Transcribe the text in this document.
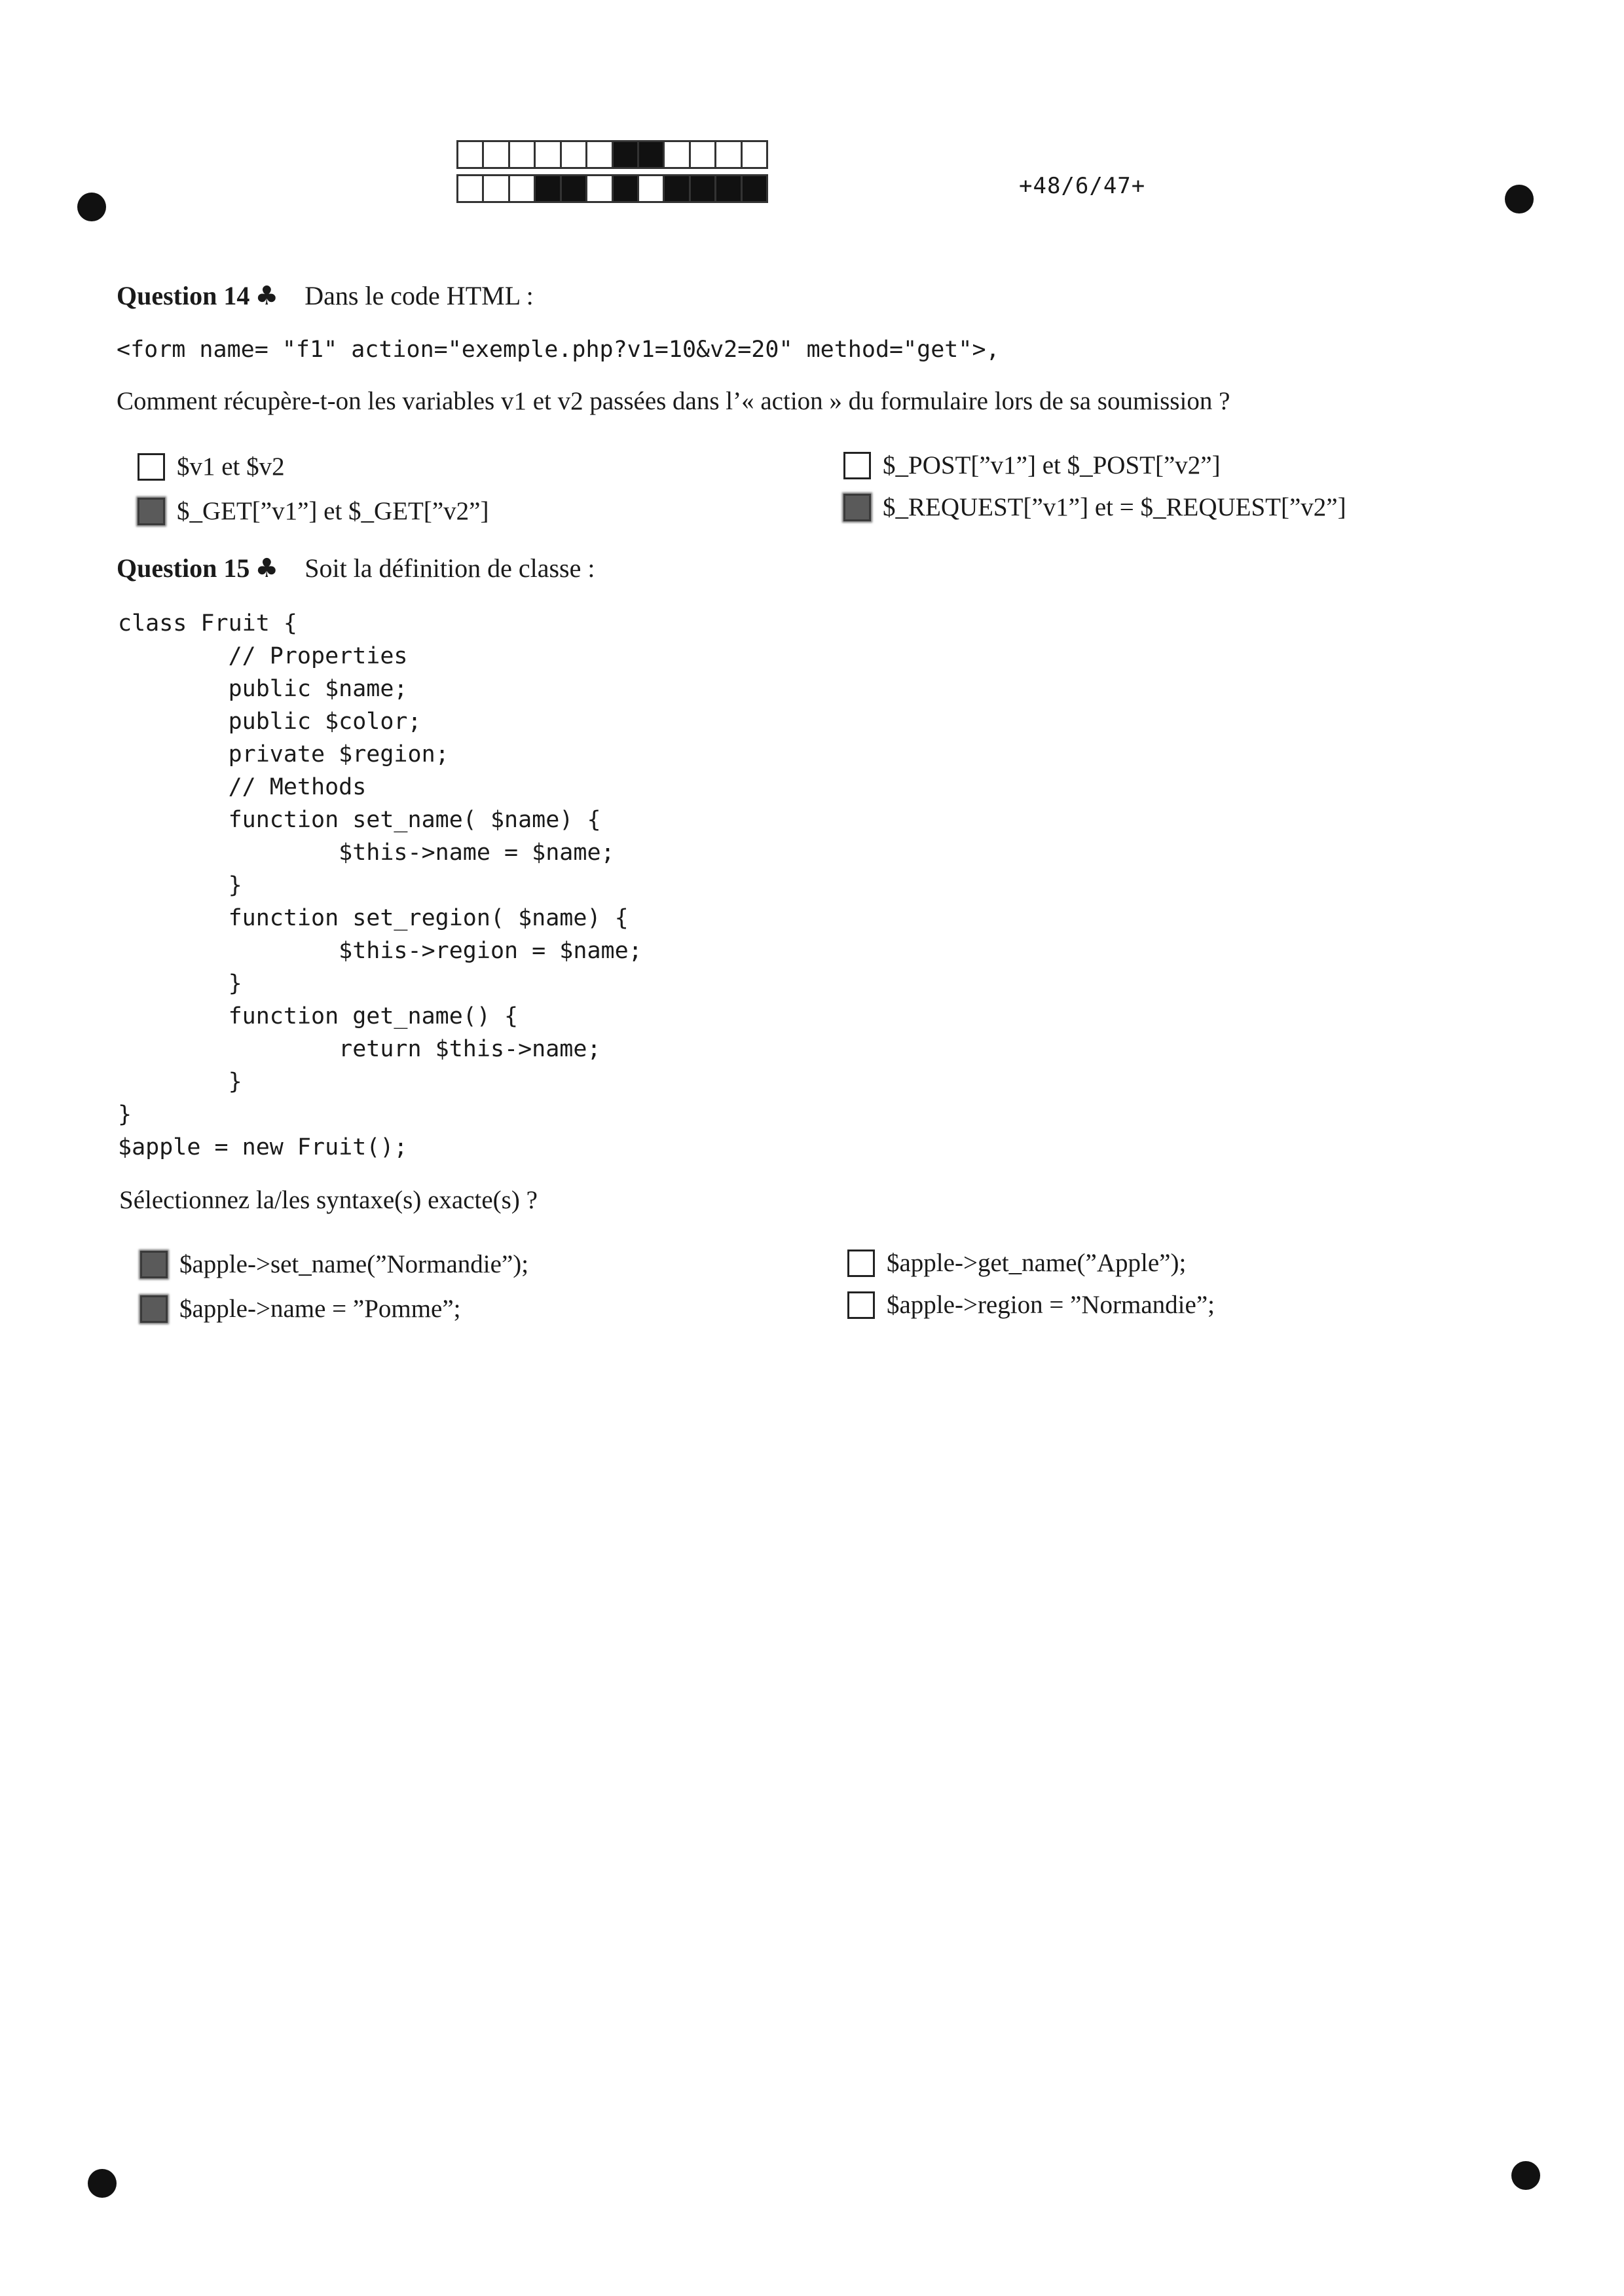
+48/6/47+
Question 14 ♣ Dans le code HTML :
<form name= "f1" action="exemple.php?v1=10&v2=20" method="get">,
Comment récupère-t-on les variables v1 et v2 passées dans l’« action » du formulaire lors de sa soumission ?
$v1 et $v2
$_GET[”v1”] et $_GET[”v2”]
$_POST[”v1”] et $_POST[”v2”]
$_REQUEST[”v1”] et = $_REQUEST[”v2”]
Question 15 ♣ Soit la définition de classe :
class Fruit {
// Properties
public $name;
public $color;
private $region;
// Methods
function set_name( $name) {
$this->name = $name;
}
function set_region( $name) {
$this->region = $name;
}
function get_name() {
return $this->name;
}
}
$apple = new Fruit();
Sélectionnez la/les syntaxe(s) exacte(s) ?
$apple->set_name(”Normandie”);
$apple->name = ”Pomme”;
$apple->get_name(”Apple”);
$apple->region = ”Normandie”;
